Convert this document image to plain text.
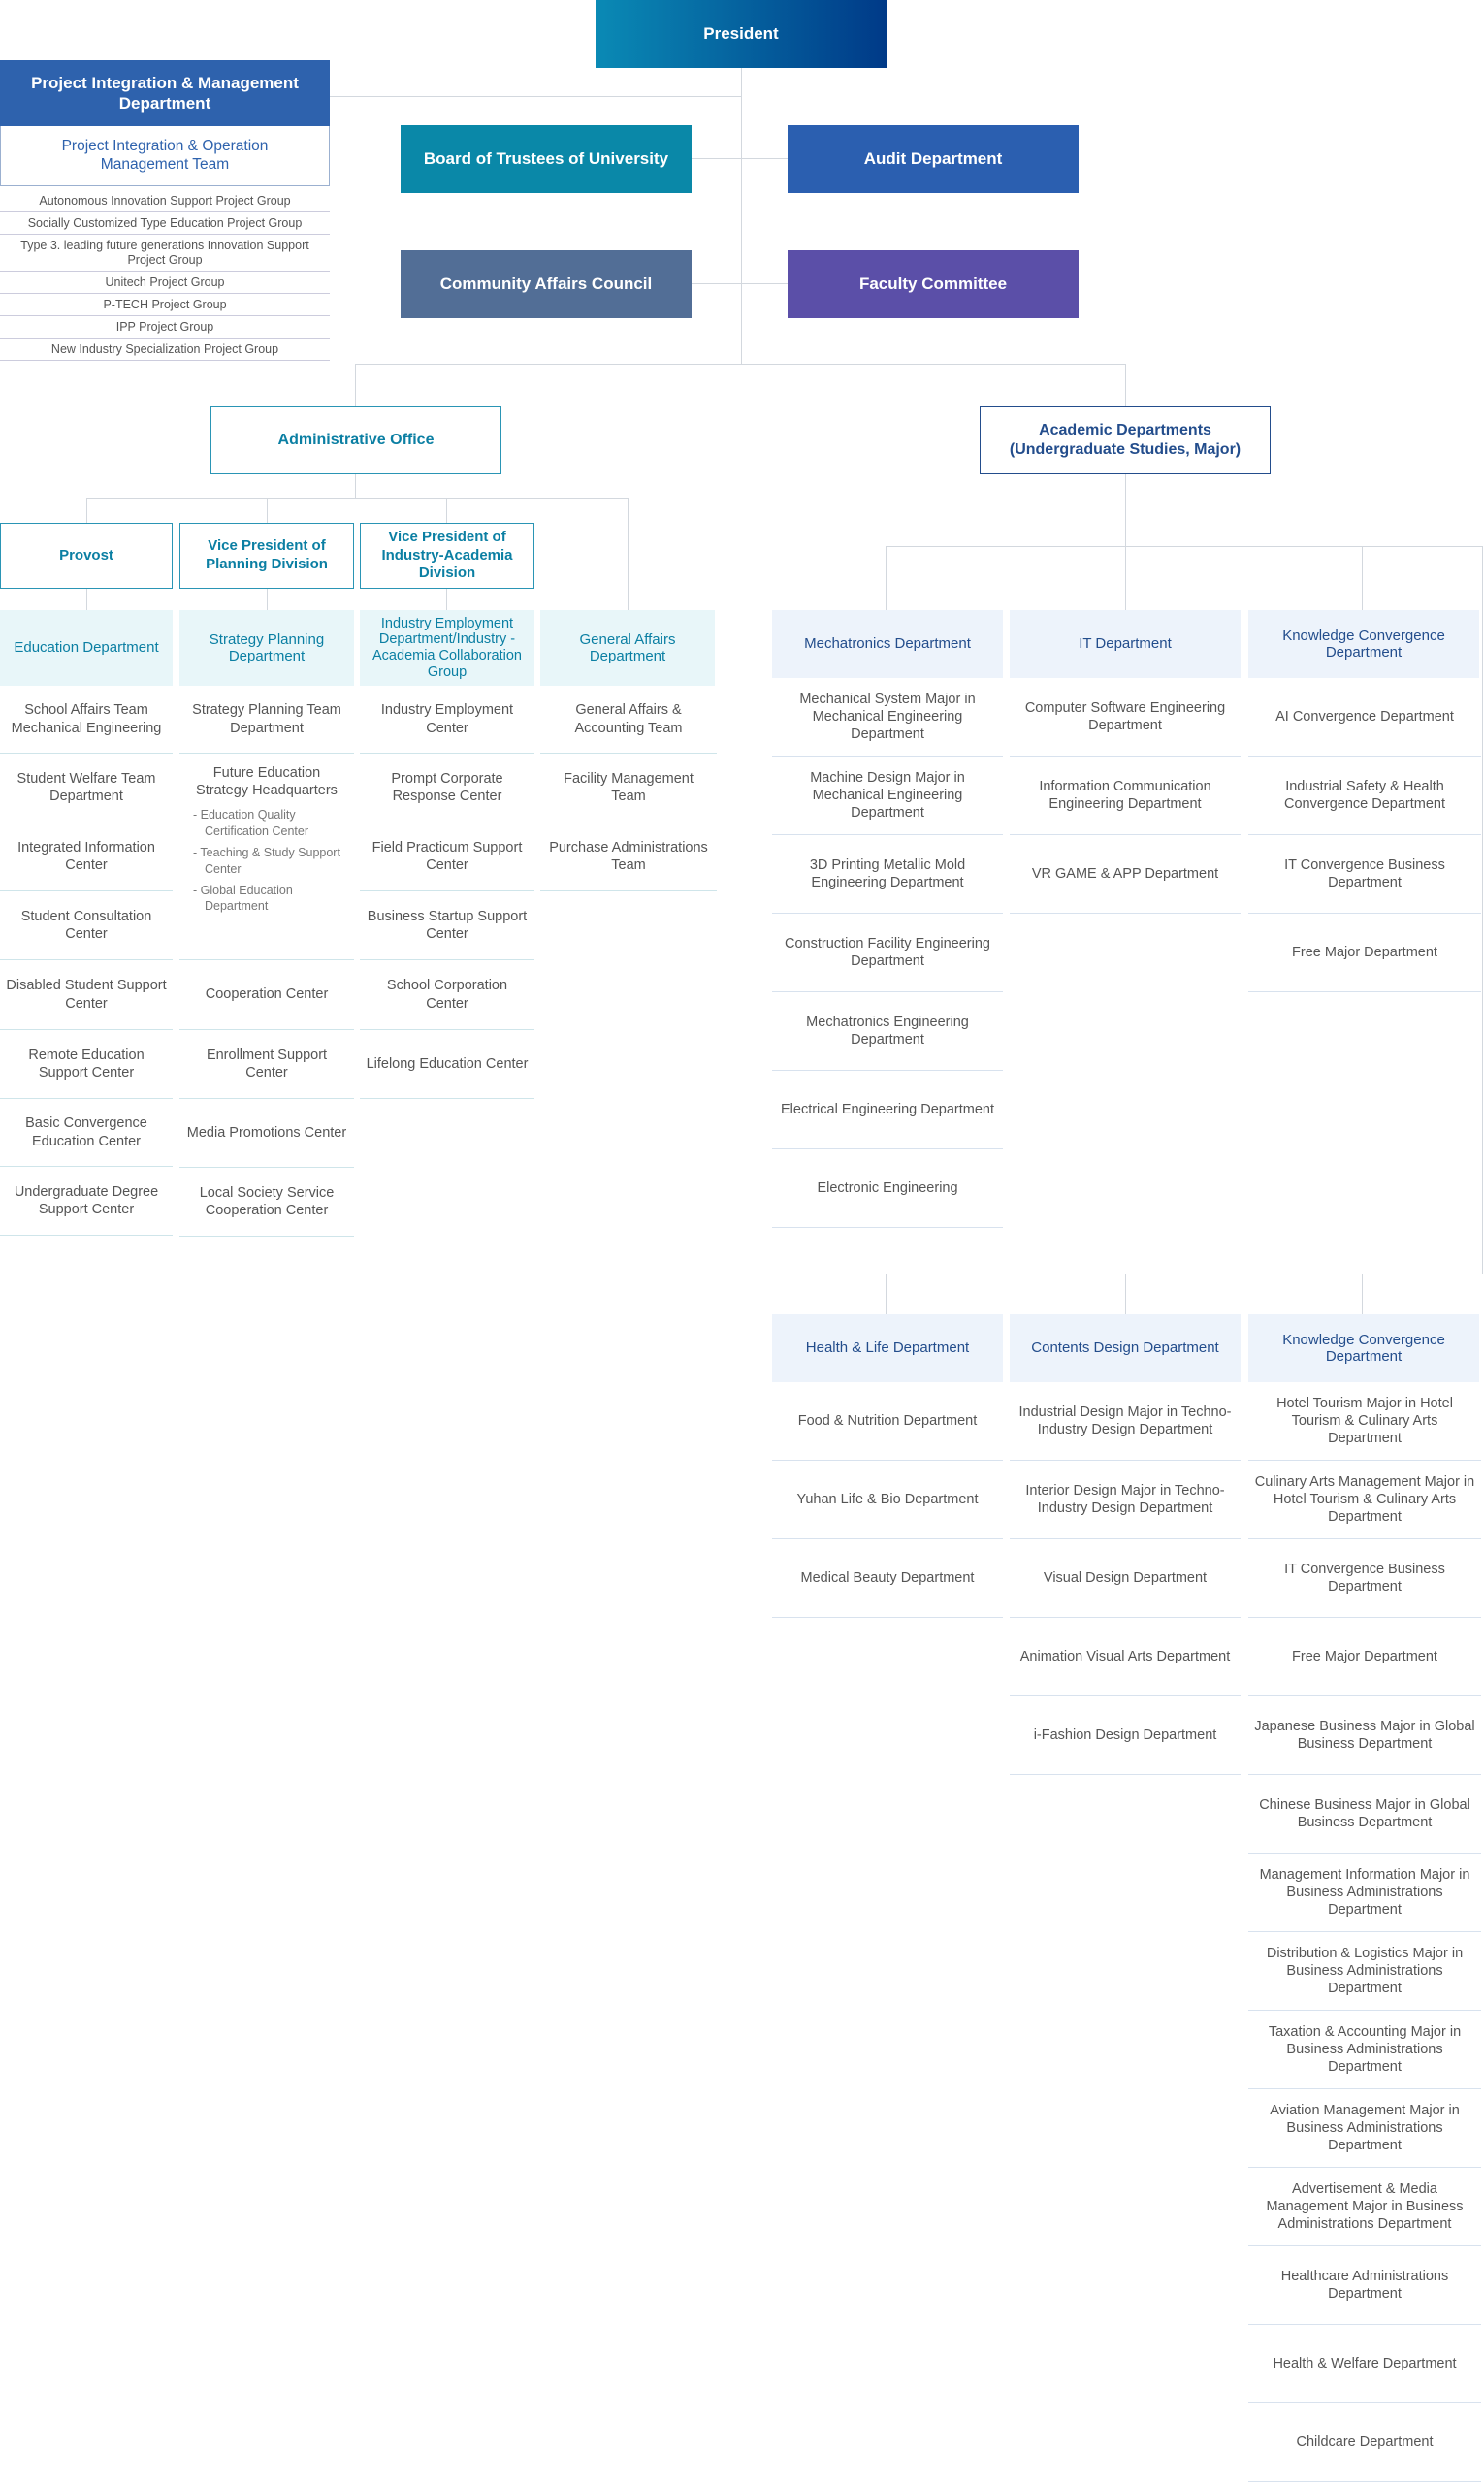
President
Project Integration & Management Department
Project Integration & Operation Management Team
Autonomous Innovation Support Project Group
Socially Customized Type Education Project Group
Type 3. leading future generations Innovation Support Project Group
Unitech Project Group
P-TECH Project Group
IPP Project Group
New Industry Specialization Project Group
Board of Trustees of University	Audit Department
Community Affairs Council	Faculty Committee
Administrative Office
Academic Departments (Undergraduate Studies, Major)
Provost
Vice President of Planning Division
Vice President of Industry-Academia Division
Education Department
School Affairs Team Mechanical Engineering
Student Welfare Team Department
Integrated Information Center
Student Consultation Center
Disabled Student Support Center
Remote Education Support Center
Basic Convergence Education Center
Undergraduate Degree Support Center
Strategy Planning Department
Strategy Planning Team Department
Future Education Strategy Headquarters
- Education Quality Certification Center
- Teaching & Study Support Center
- Global Education Department
Cooperation Center
Enrollment Support Center
Media Promotions Center
Local Society Service Cooperation Center
Industry Employment Department/Industry -Academia Collaboration Group
Industry Employment Center
Prompt Corporate Response Center
Field Practicum Support Center
Business Startup Support Center
School Corporation Center
Lifelong Education Center
General Affairs Department
General Affairs & Accounting Team
Facility Management Team
Purchase Administrations Team
Mechatronics Department
Mechanical System Major in Mechanical Engineering Department
Machine Design Major in Mechanical Engineering Department
3D Printing Metallic Mold Engineering Department
Construction Facility Engineering Department
Mechatronics Engineering Department
Electrical Engineering Department
Electronic Engineering
IT Department
Computer Software Engineering Department
Information Communication Engineering Department
VR GAME & APP Department
Knowledge Convergence Department
AI Convergence Department
Industrial Safety & Health Convergence Department
IT Convergence Business Department
Free Major Department
Health & Life Department
Food & Nutrition Department
Yuhan Life & Bio Department
Medical Beauty Department
Contents Design Department
Industrial Design Major in Techno-Industry Design Department
Interior Design Major in Techno-Industry Design Department
Visual Design Department
Animation Visual Arts Department
i-Fashion Design Department
Knowledge Convergence Department
Hotel Tourism Major in Hotel Tourism & Culinary Arts Department
Culinary Arts Management Major in Hotel Tourism & Culinary Arts Department
IT Convergence Business Department
Free Major Department
Japanese Business Major in Global Business Department
Chinese Business Major in Global Business Department
Management Information Major in Business Administrations Department
Distribution & Logistics Major in Business Administrations Department
Taxation & Accounting Major in Business Administrations Department
Aviation Management Major in Business Administrations Department
Advertisement & Media Management Major in Business Administrations Department
Healthcare Administrations Department
Health & Welfare Department
Childcare Department
